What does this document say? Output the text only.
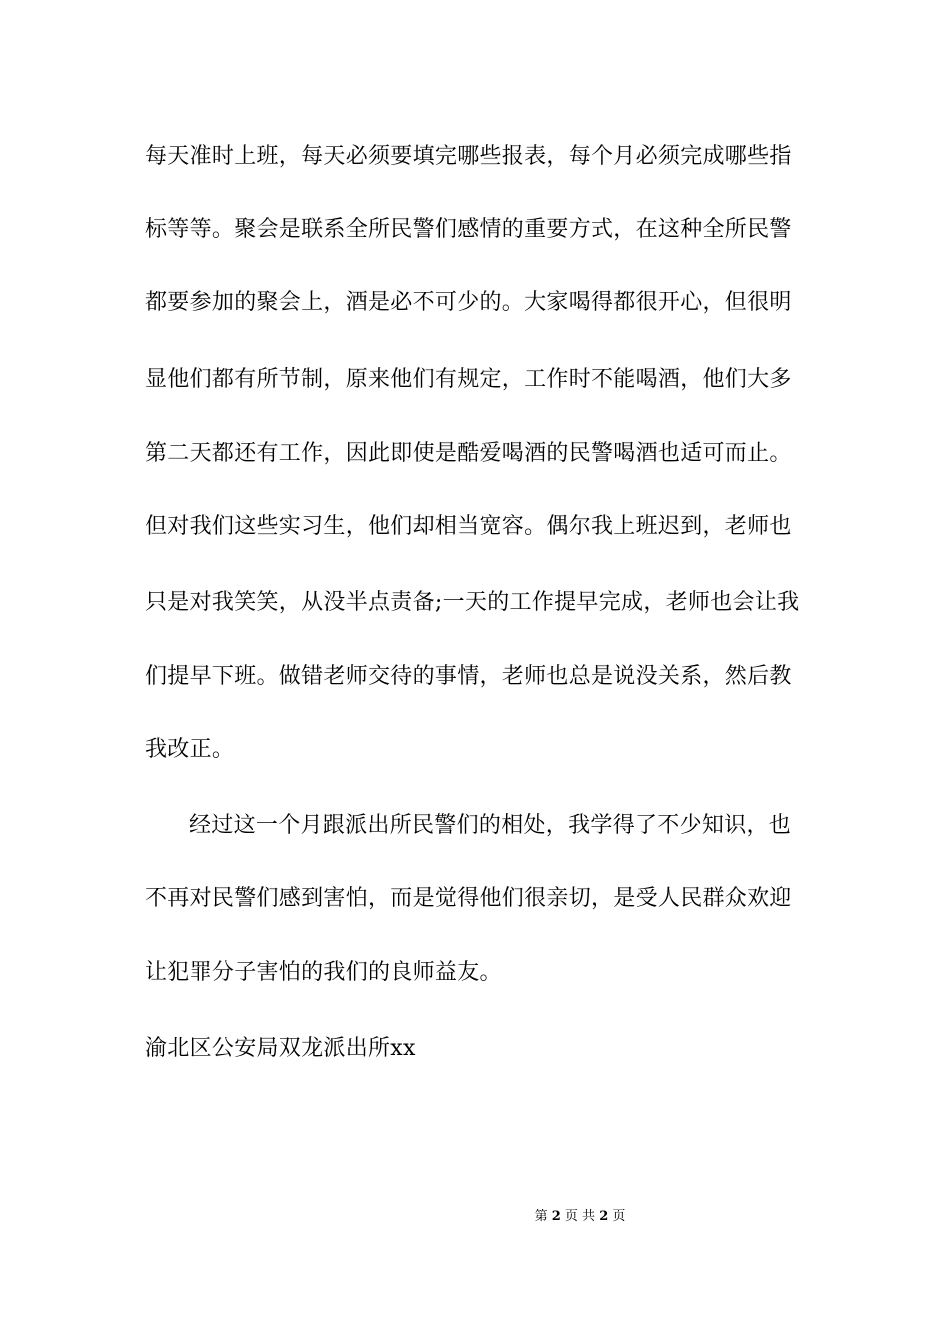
每天准时上班，每天必须要填完哪些报表，每个月必须完成哪些指
标等等。聚会是联系全所民警们感情的重要方式，在这种全所民警
都要参加的聚会上，酒是必不可少的。大家喝得都很开心，但很明
显他们都有所节制，原来他们有规定，工作时不能喝酒，他们大多
第二天都还有工作，因此即使是酷爱喝酒的民警喝酒也适可而止。
但对我们这些实习生，他们却相当宽容。偶尔我上班迟到，老师也
只是对我笑笑，从没半点责备;一天的工作提早完成，老师也会让我
们提早下班。做错老师交待的事情，老师也总是说没关系，然后教
我改正。
经过这一个月跟派出所民警们的相处，我学得了不少知识，也
不再对民警们感到害怕，而是觉得他们很亲切，是受人民群众欢迎
让犯罪分子害怕的我们的良师益友。
渝北区公安局双龙派出所xx
第 2 页 共 2 页
